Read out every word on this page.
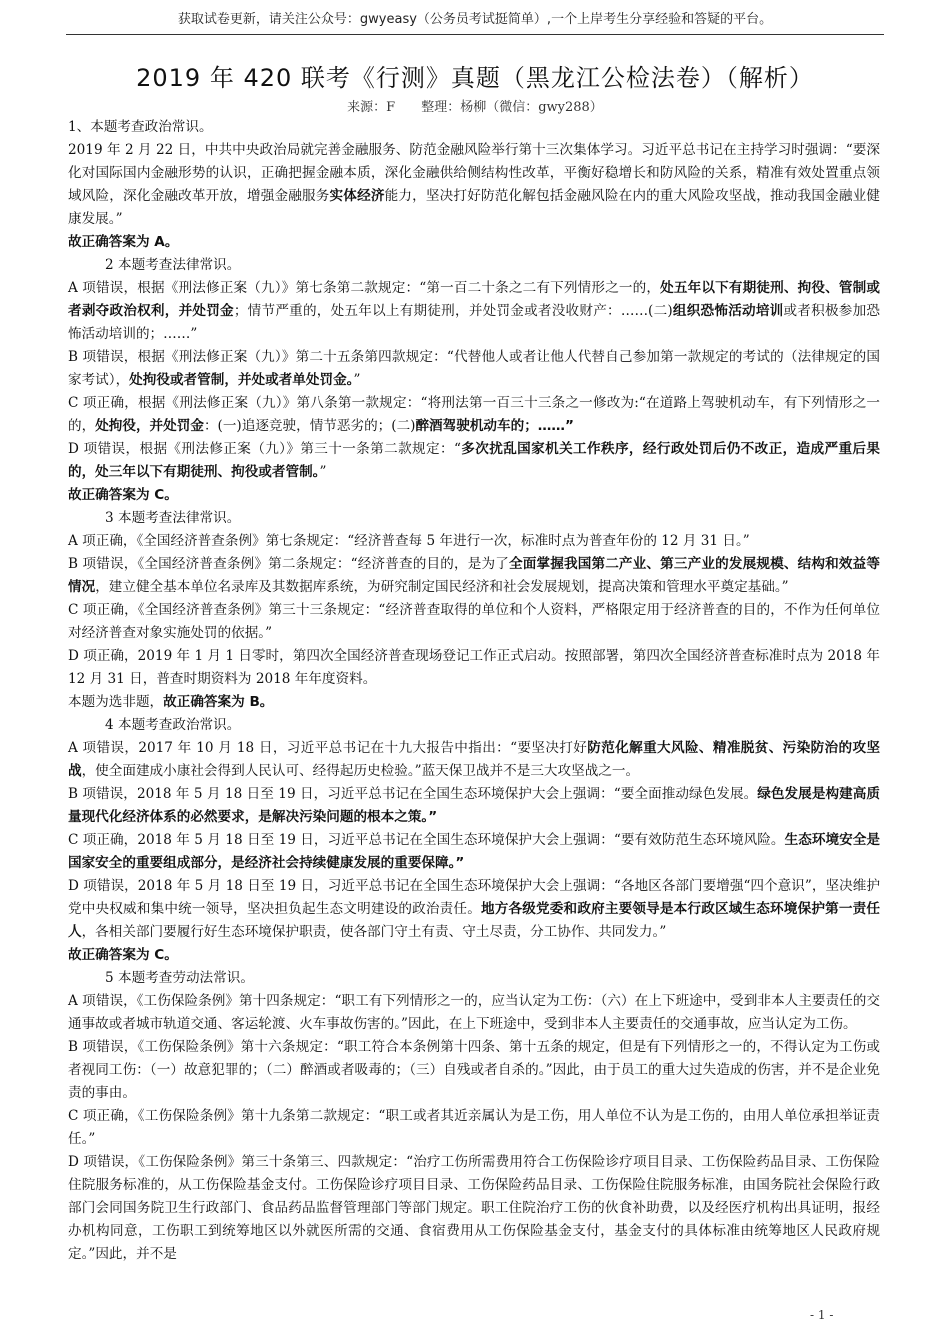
获取试卷更新，请关注公众号：gwyeasy（公务员考试挺简单）,一个上岸考生分享经验和答疑的平台。
2019 年 420 联考《行测》真题（黑龙江公检法卷）（解析）
来源：F　　整理：杨柳（微信：gwy288）

1、本题考查政治常识。

2019 年 2 月 22 日，中共中央政治局就完善金融服务、防范金融风险举行第十三次集体学习。习近平总书记在主持学习时强调：“要深化对国际国内金融形势的认识，正确把握金融本质，深化金融供给侧结构性改革，平衡好稳增长和防风险的关系，精准有效处置重点领域风险，深化金融改革开放，增强金融服务实体经济能力，坚决打好防范化解包括金融风险在内的重大风险攻坚战，推动我国金融业健康发展。”

故正确答案为 A。

2 本题考查法律常识。

A 项错误，根据《刑法修正案（九）》第七条第二款规定：“第一百二十条之二有下列情形之一的，处五年以下有期徒刑、拘役、管制或者剥夺政治权利，并处罚金；情节严重的，处五年以上有期徒刑，并处罚金或者没收财产：……(二)组织恐怖活动培训或者积极参加恐怖活动培训的；……”

B 项错误，根据《刑法修正案（九）》第二十五条第四款规定：“代替他人或者让他人代替自己参加第一款规定的考试的（法律规定的国家考试），处拘役或者管制，并处或者单处罚金。”

C 项正确，根据《刑法修正案（九）》第八条第一款规定：“将刑法第一百三十三条之一修改为:“在道路上驾驶机动车，有下列情形之一的，处拘役，并处罚金：(一)追逐竞驶，情节恶劣的；(二)醉酒驾驶机动车的；……”

D 项错误，根据《刑法修正案（九）》第三十一条第二款规定：“多次扰乱国家机关工作秩序，经行政处罚后仍不改正，造成严重后果的，处三年以下有期徒刑、拘役或者管制。”

故正确答案为 C。

3 本题考查法律常识。

A 项正确，《全国经济普查条例》第七条规定：“经济普查每 5 年进行一次，标准时点为普查年份的 12 月 31 日。”

B 项错误，《全国经济普查条例》第二条规定：“经济普查的目的，是为了全面掌握我国第二产业、第三产业的发展规模、结构和效益等情况，建立健全基本单位名录库及其数据库系统，为研究制定国民经济和社会发展规划，提高决策和管理水平奠定基础。”

C 项正确，《全国经济普查条例》第三十三条规定：“经济普查取得的单位和个人资料，严格限定用于经济普查的目的，不作为任何单位对经济普查对象实施处罚的依据。”

D 项正确，2019 年 1 月 1 日零时，第四次全国经济普查现场登记工作正式启动。按照部署，第四次全国经济普查标准时点为 2018 年 12 月 31 日，普查时期资料为 2018 年年度资料。

本题为选非题，故正确答案为 B。

4 本题考查政治常识。

A 项错误，2017 年 10 月 18 日，习近平总书记在十九大报告中指出：“要坚决打好防范化解重大风险、精准脱贫、污染防治的攻坚战，使全面建成小康社会得到人民认可、经得起历史检验。”蓝天保卫战并不是三大攻坚战之一。

B 项错误，2018 年 5 月 18 日至 19 日，习近平总书记在全国生态环境保护大会上强调：“要全面推动绿色发展。绿色发展是构建高质量现代化经济体系的必然要求，是解决污染问题的根本之策。”

C 项正确，2018 年 5 月 18 日至 19 日，习近平总书记在全国生态环境保护大会上强调：“要有效防范生态环境风险。生态环境安全是国家安全的重要组成部分，是经济社会持续健康发展的重要保障。”

D 项错误，2018 年 5 月 18 日至 19 日，习近平总书记在全国生态环境保护大会上强调：“各地区各部门要增强“四个意识”，坚决维护党中央权威和集中统一领导，坚决担负起生态文明建设的政治责任。地方各级党委和政府主要领导是本行政区域生态环境保护第一责任人，各相关部门要履行好生态环境保护职责，使各部门守土有责、守土尽责，分工协作、共同发力。”

故正确答案为 C。

5 本题考查劳动法常识。

A 项错误，《工伤保险条例》第十四条规定：“职工有下列情形之一的，应当认定为工伤：（六）在上下班途中，受到非本人主要责任的交通事故或者城市轨道交通、客运轮渡、火车事故伤害的。”因此，在上下班途中，受到非本人主要责任的交通事故，应当认定为工伤。

B 项错误，《工伤保险条例》第十六条规定：“职工符合本条例第十四条、第十五条的规定，但是有下列情形之一的，不得认定为工伤或者视同工伤：（一）故意犯罪的；（二）醉酒或者吸毒的；（三）自残或者自杀的。”因此，由于员工的重大过失造成的伤害，并不是企业免责的事由。

C 项正确，《工伤保险条例》第十九条第二款规定：“职工或者其近亲属认为是工伤，用人单位不认为是工伤的，由用人单位承担举证责任。”

D 项错误，《工伤保险条例》第三十条第三、四款规定：“治疗工伤所需费用符合工伤保险诊疗项目目录、工伤保险药品目录、工伤保险住院服务标准的，从工伤保险基金支付。工伤保险诊疗项目目录、工伤保险药品目录、工伤保险住院服务标准，由国务院社会保险行政部门会同国务院卫生行政部门、食品药品监督管理部门等部门规定。职工住院治疗工伤的伙食补助费，以及经医疗机构出具证明，报经办机构同意，工伤职工到统筹地区以外就医所需的交通、食宿费用从工伤保险基金支付，基金支付的具体标准由统筹地区人民政府规定。”因此，并不是

- 1 -
